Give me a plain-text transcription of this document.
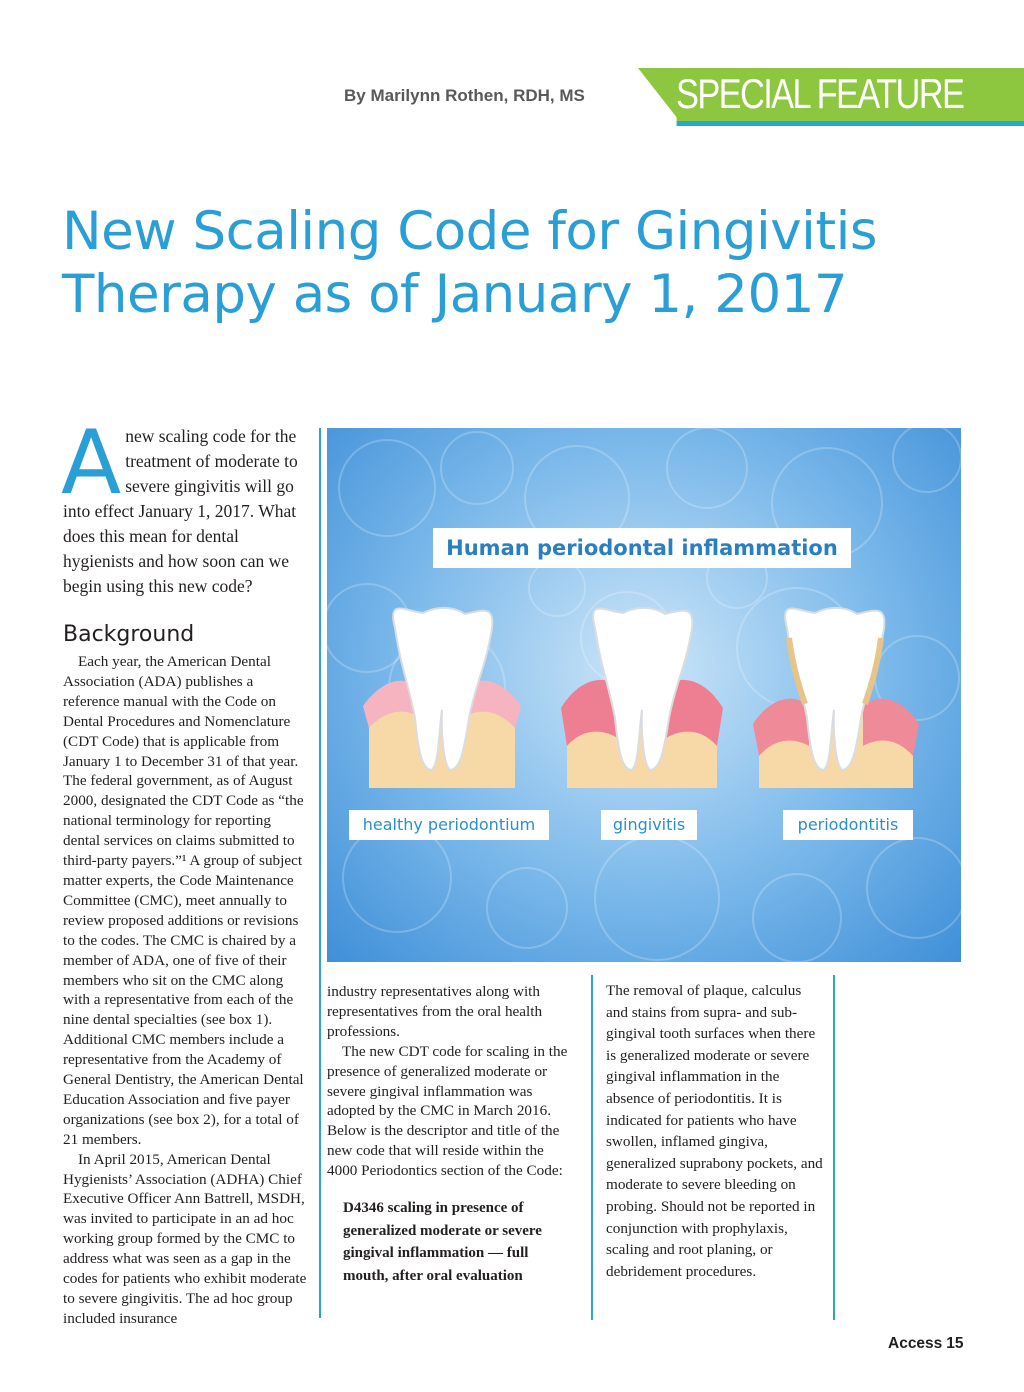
By Marilynn Rothen, RDH, MS SPECIAL FEATURE
New Scaling Code for Gingivitis
Therapy as of January 1, 2017
Anew scaling code for the treatment of moderate to severe gingivitis will go into effect January 1, 2017. What does this mean for dental hygienists and how soon can we begin using this new code?
Background

Each year, the American Dental Association (ADA) publishes a reference manual with the Code on Dental Procedures and Nomenclature (CDT Code) that is applicable from January 1 to December 31 of that year. The federal government, as of August 2000, designated the CDT Code as “the national terminology for reporting dental services on claims submitted to third-party payers.”¹ A group of subject matter experts, the Code Maintenance Committee (CMC), meet annually to review proposed additions or revisions to the codes. The CMC is chaired by a member of ADA, one of five of their members who sit on the CMC along with a representative from each of the nine dental specialties (see box 1). Additional CMC members include a representative from the Academy of General Dentistry, the American Dental Education Association and five payer organizations (see box 2), for a total of 21 members.

In April 2015, American Dental Hygienists’ Association (ADHA) Chief Executive Officer Ann Battrell, MSDH, was invited to participate in an ad hoc working group formed by the CMC to address what was seen as a gap in the codes for patients who exhibit moderate to severe gingivitis. The ad hoc group included insurance

Human periodontal inflammation
healthy periodontium	gingivitis	periodontitis

industry representatives along with representatives from the oral health professions.

The new CDT code for scaling in the presence of generalized moderate or severe gingival inflammation was adopted by the CMC in March 2016. Below is the descriptor and title of the new code that will reside within the 4000 Periodontics section of the Code:

D4346 scaling in presence of generalized moderate or severe gingival inflammation — full mouth, after oral evaluation

The removal of plaque, calculus and stains from supra- and sub-gingival tooth surfaces when there is generalized moderate or severe gingival inflammation in the absence of periodontitis. It is indicated for patients who have swollen, inflamed gingiva, generalized suprabony pockets, and moderate to severe bleeding on probing. Should not be reported in conjunction with prophylaxis, scaling and root planing, or debridement procedures.

Access 15
